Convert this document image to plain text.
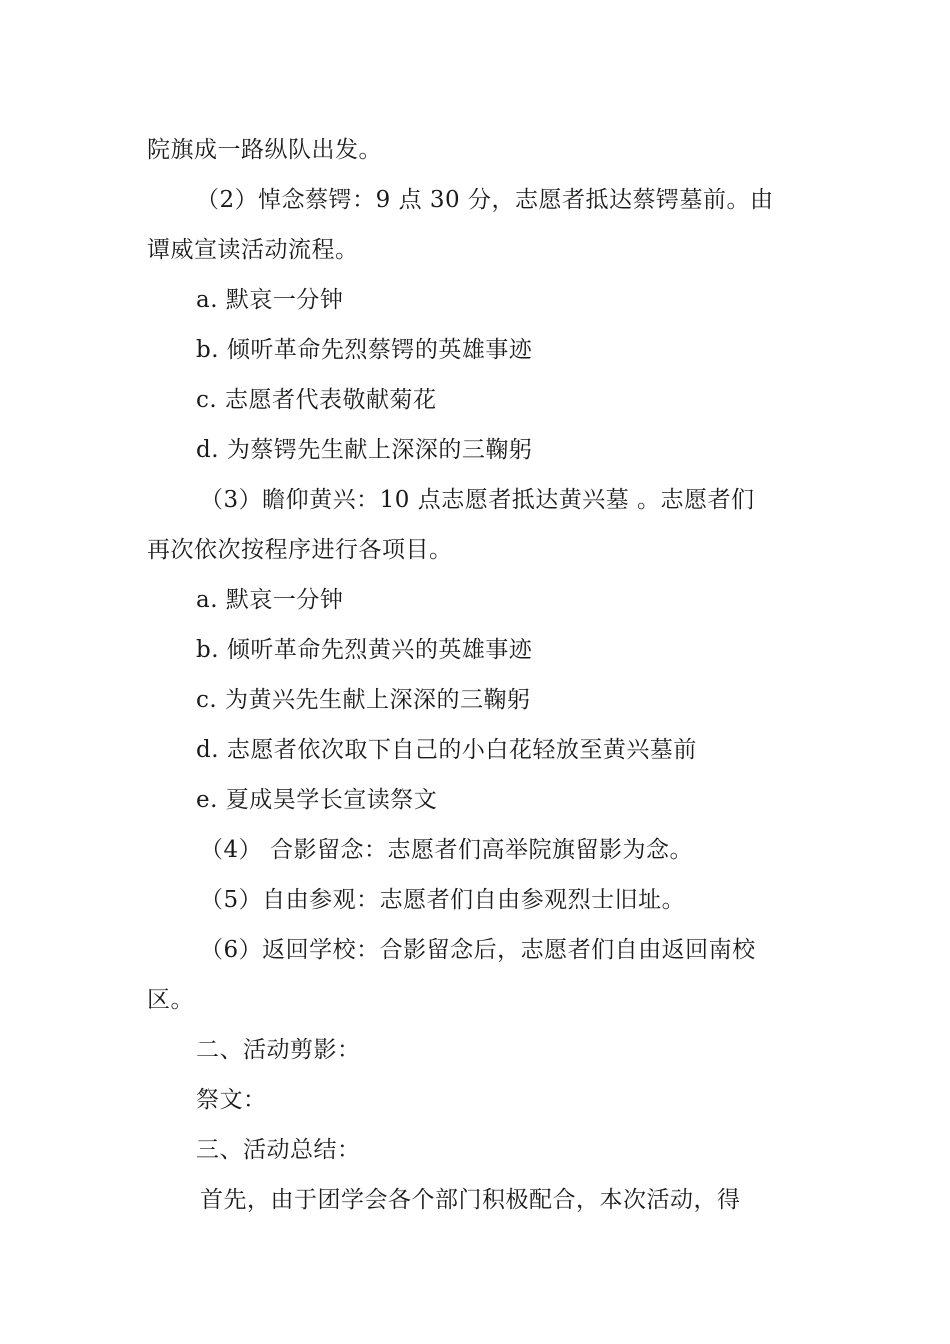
院旗成一路纵队出发。
（2）悼念蔡锷：9 点 30 分，志愿者抵达蔡锷墓前。由
谭威宣读活动流程。
a. 默哀一分钟
b. 倾听革命先烈蔡锷的英雄事迹
c. 志愿者代表敬献菊花
d. 为蔡锷先生献上深深的三鞠躬
（3）瞻仰黄兴：10 点志愿者抵达黄兴墓 。志愿者们
再次依次按程序进行各项目。
a. 默哀一分钟
b. 倾听革命先烈黄兴的英雄事迹
c. 为黄兴先生献上深深的三鞠躬
d. 志愿者依次取下自己的小白花轻放至黄兴墓前
e. 夏成昊学长宣读祭文
（4） 合影留念：志愿者们高举院旗留影为念。
（5）自由参观：志愿者们自由参观烈士旧址。
（6）返回学校：合影留念后，志愿者们自由返回南校
区。
二、活动剪影：
祭文：
三、活动总结：
首先，由于团学会各个部门积极配合，本次活动，得
